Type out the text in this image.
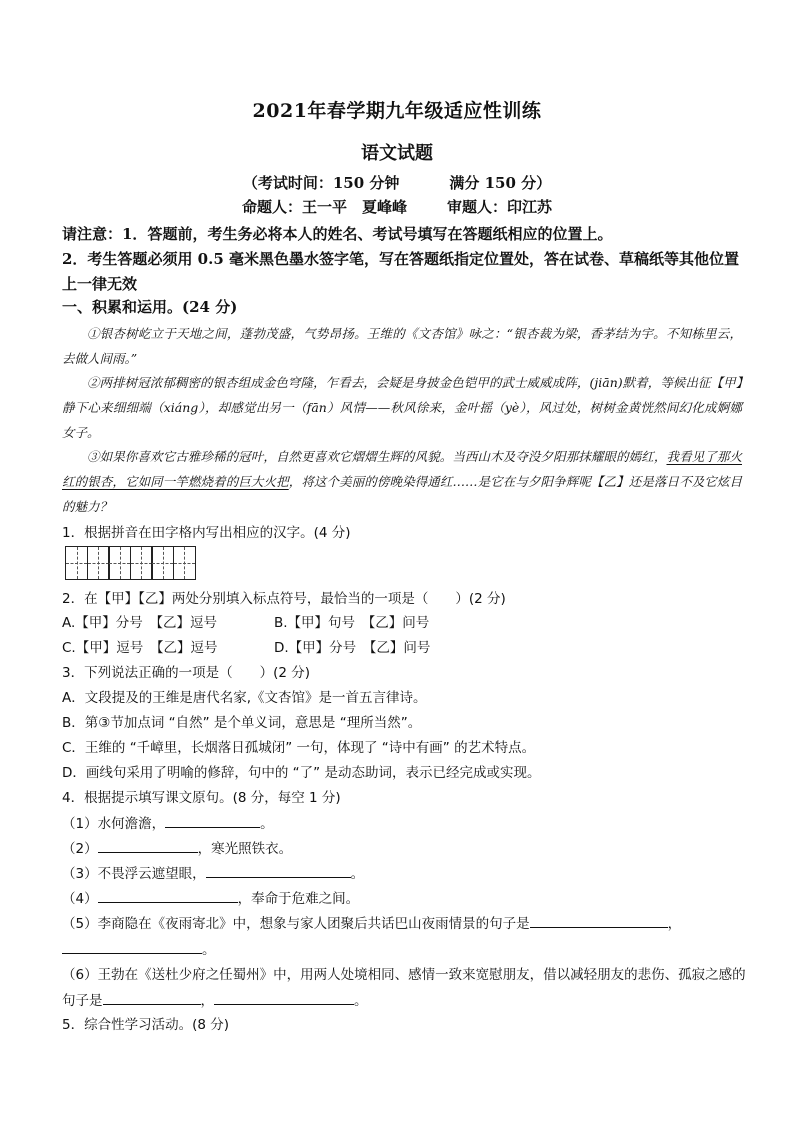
2021年春学期九年级适应性训练
语文试题
（考试时间：150 分钟	满分 150 分）
命题人：王一平　夏峰峰	审题人：印江苏
请注意：1．答题前，考生务必将本人的姓名、考试号填写在答题纸相应的位置上。
2．考生答题必须用 0.5 毫米黑色墨水签字笔，写在答题纸指定位置处，答在试卷、草稿纸等其他位置上一律无效
一、积累和运用。(24 分)
①银杏树屹立于天地之间，蓬勃茂盛，气势昂扬。王维的《文杏馆》咏之：“银杏裁为梁，香茅结为宇。不知栋里云，去做人间雨。”
②两排树冠浓郁稠密的银杏组成金色穹隆，乍看去，会疑是身披金色铠甲的武士威威成阵，(jiān)默着，等候出征【甲】静下心来细细端（xiáng），却感觉出另一（fān）风情——秋风徐来，金叶摇（yè），风过处，树树金黄恍然间幻化成婀娜女子。
③如果你喜欢它古雅珍稀的冠叶，自然更喜欢它熠熠生辉的风貌。当西山木及夺没夕阳那抹耀眼的嫣红，我看见了那火红的银杏，它如同一竿燃烧着的巨大火把，将这个美丽的傍晚染得通红……是它在与夕阳争辉呢【乙】还是落日不及它炫目的魅力？
1．根据拼音在田字格内写出相应的汉字。(4 分)
2．在【甲】【乙】两处分别填入标点符号，最恰当的一项是（　　）(2 分)
A.【甲】分号　【乙】逗号	B.【甲】句号　【乙】问号
C.【甲】逗号　【乙】逗号	D.【甲】分号　【乙】问号
3．下列说法正确的一项是（　　）(2 分)
A．文段提及的王维是唐代名家,《文杏馆》是一首五言律诗。
B．第③节加点词 “自然” 是个单义词，意思是 “理所当然”。
C．王维的 “千嶂里，长烟落日孤城闭” 一句，体现了 “诗中有画” 的艺术特点。
D．画线句采用了明喻的修辞，句中的 “了” 是动态助词，表示已经完成或实现。
4．根据提示填写课文原句。(8 分，每空 1 分)
（1）水何澹澹，	。
（2）	，寒光照铁衣。
（3）不畏浮云遮望眼，	。
（4）	，奉命于危难之间。
（5）李商隐在《夜雨寄北》中，想象与家人团聚后共话巴山夜雨情景的句子是	，
。
（6）王勃在《送杜少府之任蜀州》中，用两人处境相同、感情一致来宽慰朋友，借以减轻朋友的悲伤、孤寂之感的句子是	，	。
5．综合性学习活动。(8 分)
